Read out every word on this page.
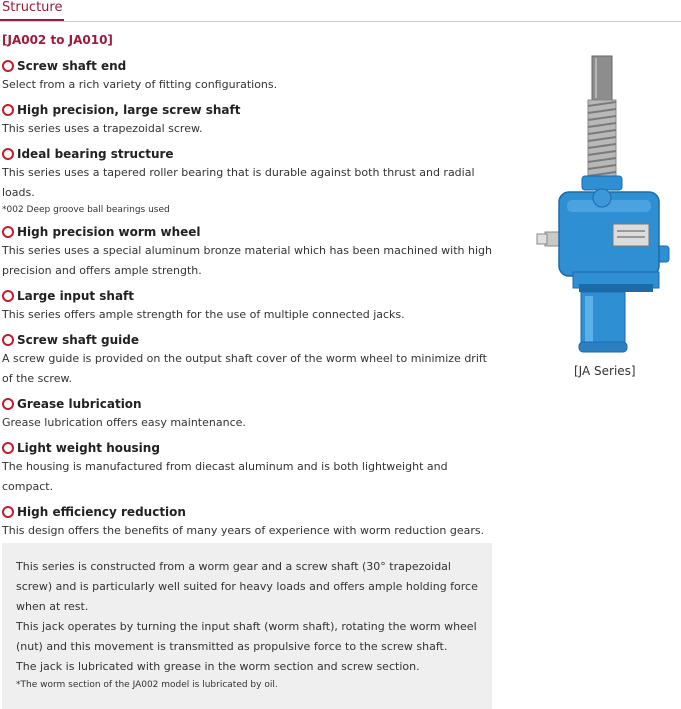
Structure
[JA002 to JA010]
Screw shaft end
Select from a rich variety of fitting configurations.
High precision, large screw shaft
This series uses a trapezoidal screw.
Ideal bearing structure
This series uses a tapered roller bearing that is durable against both thrust and radial loads.
*002 Deep groove ball bearings used
High precision worm wheel
This series uses a special aluminum bronze material which has been machined with high precision and offers ample strength.
Large input shaft
This series offers ample strength for the use of multiple connected jacks.
Screw shaft guide
A screw guide is provided on the output shaft cover of the worm wheel to minimize drift of the screw.
Grease lubrication
Grease lubrication offers easy maintenance.
Light weight housing
The housing is manufactured from diecast aluminum and is both lightweight and compact.
High efficiency reduction
This design offers the benefits of many years of experience with worm reduction gears.
[JA Series]
This series is constructed from a worm gear and a screw shaft (30° trapezoidal screw) and is particularly well suited for heavy loads and offers ample holding force when at rest.
This jack operates by turning the input shaft (worm shaft), rotating the worm wheel (nut) and this movement is transmitted as propulsive force to the screw shaft.
The jack is lubricated with grease in the worm section and screw section.
*The worm section of the JA002 model is lubricated by oil.
